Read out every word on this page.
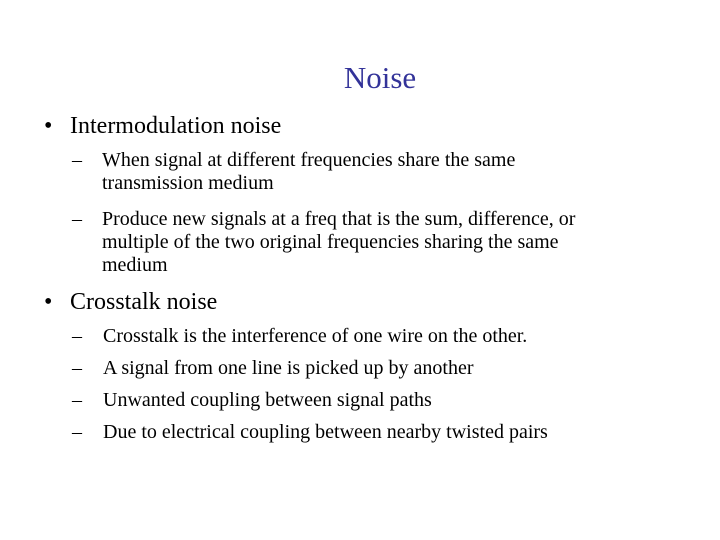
Noise
• Intermodulation noise
–	When signal at different frequencies share the same
transmission medium
–	Produce new signals at a freq that is the sum, difference, or
multiple of the two original frequencies sharing the same
medium
• Crosstalk noise
–	Crosstalk is the interference of one wire on the other.
–	A signal from one line is picked up by another
–	Unwanted coupling between signal paths
–	Due to electrical coupling between nearby twisted pairs
